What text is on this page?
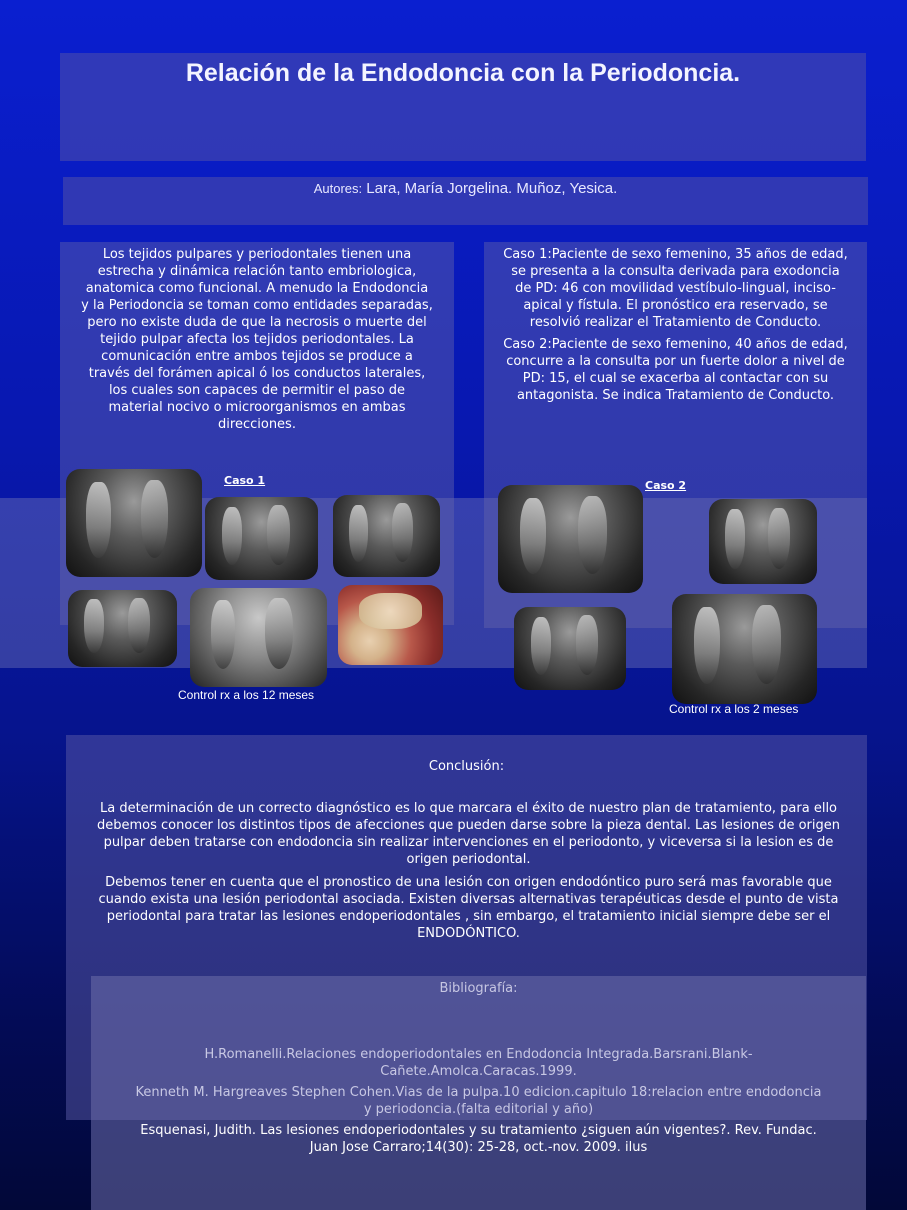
Relación de la Endodoncia con la Periodoncia.
Autores: Lara, María Jorgelina. Muñoz, Yesica.

Los tejidos pulpares y periodontales tienen una estrecha y dinámica relación tanto embriologica, anatomica como funcional. A menudo la Endodoncia y la Periodoncia se toman como entidades separadas, pero no existe duda de que la necrosis o muerte del tejido pulpar afecta los tejidos periodontales. La comunicación entre ambos tejidos se produce a través del forámen apical ó los conductos laterales, los cuales son capaces de permitir el paso de material nocivo o microorganismos en ambas direcciones.

Caso 1:Paciente de sexo femenino, 35 años de edad, se presenta a la consulta derivada para exodoncia de PD: 46 con movilidad vestíbulo-lingual, inciso-apical y fístula. El pronóstico era reservado, se resolvió realizar el Tratamiento de Conducto.

Caso 2:Paciente de sexo femenino, 40 años de edad, concurre a la consulta por un fuerte dolor a nivel de PD: 15, el cual se exacerba al contactar con su antagonista. Se indica Tratamiento de Conducto.

Caso 1
Control rx a los 12 meses
Caso 2
Control rx a los 2 meses
Conclusión:

La determinación de un correcto diagnóstico es lo que marcara el éxito de nuestro plan de tratamiento, para ello debemos conocer los distintos tipos de afecciones que pueden darse sobre la pieza dental. Las lesiones de origen pulpar deben tratarse con endodoncia sin realizar intervenciones en el periodonto, y viceversa si la lesion es de origen periodontal.

Debemos tener en cuenta que el pronostico de una lesión con origen endodóntico puro será mas favorable que cuando exista una lesión periodontal asociada. Existen diversas alternativas terapéuticas desde el punto de vista periodontal para tratar las lesiones endoperiodontales , sin embargo, el tratamiento inicial siempre debe ser el ENDODÓNTICO.

Bibliografía:

H.Romanelli.Relaciones endoperiodontales en Endodoncia Integrada.Barsrani.Blank-Cañete.Amolca.Caracas.1999.

Kenneth M. Hargreaves Stephen Cohen.Vias de la pulpa.10 edicion.capitulo 18:relacion entre endodoncia y periodoncia.(falta editorial y año)

Esquenasi, Judith. Las lesiones endoperiodontales y su tratamiento ¿siguen aún vigentes?. Rev. Fundac. Juan Jose Carraro;14(30): 25-28, oct.-nov. 2009. ilus
